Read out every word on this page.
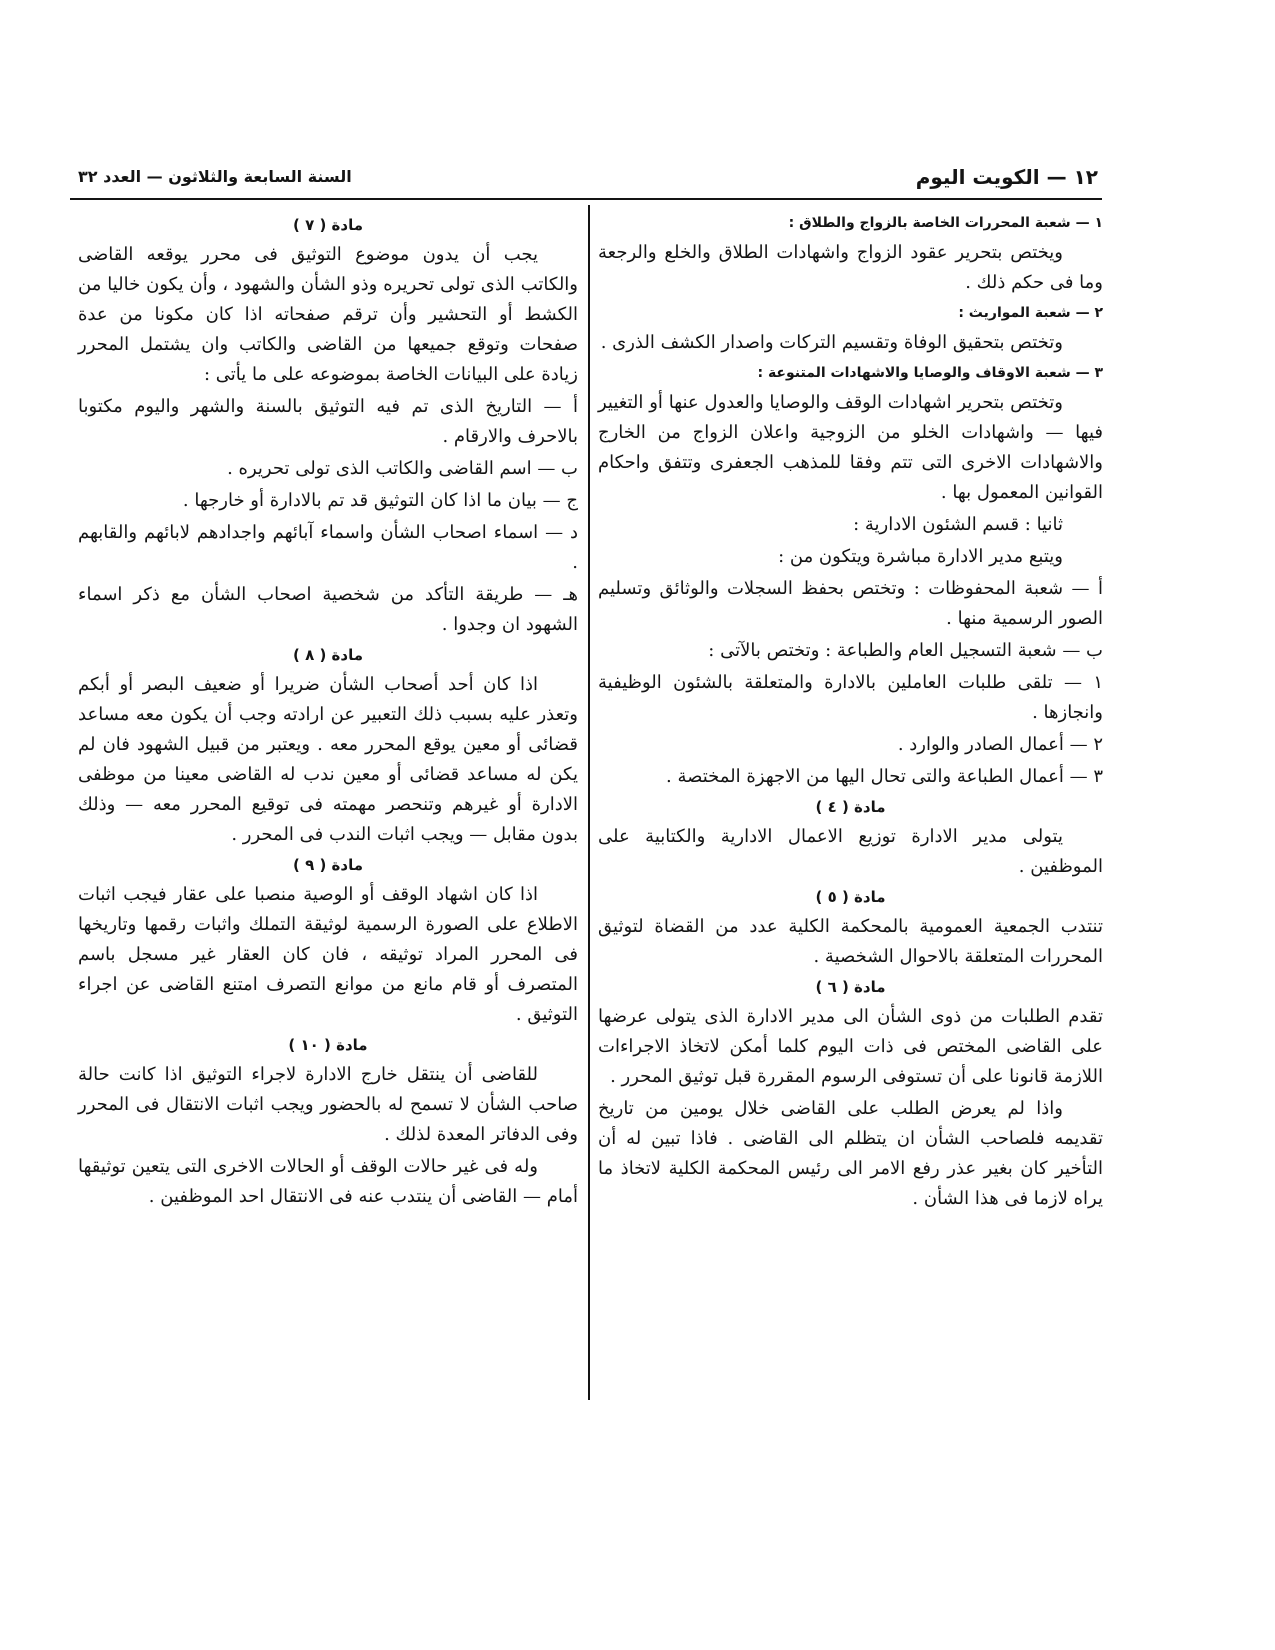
١٢ — الكويت اليوم
السنة السابعة والثلاثون — العدد ٣٢

١ — شعبة المحررات الخاصة بالزواج والطلاق :

ويختص بتحرير عقود الزواج واشهادات الطلاق والخلع والرجعة وما فى حكم ذلك .

٢ — شعبة المواريث :

وتختص بتحقيق الوفاة وتقسيم التركات واصدار الكشف الذرى .

٣ — شعبة الاوقاف والوصايا والاشهادات المتنوعة :

وتختص بتحرير اشهادات الوقف والوصايا والعدول عنها أو التغيير فيها — واشهادات الخلو من الزوجية واعلان الزواج من الخارج والاشهادات الاخرى التى تتم وفقا للمذهب الجعفرى وتتفق واحكام القوانين المعمول بها .

ثانيا : قسم الشئون الادارية :

ويتبع مدير الادارة مباشرة ويتكون من :

أ — شعبة المحفوظات : وتختص بحفظ السجلات والوثائق وتسليم الصور الرسمية منها .

ب — شعبة التسجيل العام والطباعة : وتختص بالآتى :

١ — تلقى طلبات العاملين بالادارة والمتعلقة بالشئون الوظيفية وانجازها .

٢ — أعمال الصادر والوارد .

٣ — أعمال الطباعة والتى تحال اليها من الاجهزة المختصة .

مادة ( ٤ )

يتولى مدير الادارة توزيع الاعمال الادارية والكتابية على الموظفين .

مادة ( ٥ )

تنتدب الجمعية العمومية بالمحكمة الكلية عدد من القضاة لتوثيق المحررات المتعلقة بالاحوال الشخصية .

مادة ( ٦ )

تقدم الطلبات من ذوى الشأن الى مدير الادارة الذى يتولى عرضها على القاضى المختص فى ذات اليوم كلما أمكن لاتخاذ الاجراءات اللازمة قانونا على أن تستوفى الرسوم المقررة قبل توثيق المحرر .

واذا لم يعرض الطلب على القاضى خلال يومين من تاريخ تقديمه فلصاحب الشأن ان يتظلم الى القاضى . فاذا تبين له أن التأخير كان بغير عذر رفع الامر الى رئيس المحكمة الكلية لاتخاذ ما يراه لازما فى هذا الشأن .

مادة ( ٧ )

يجب أن يدون موضوع التوثيق فى محرر يوقعه القاضى والكاتب الذى تولى تحريره وذو الشأن والشهود ، وأن يكون خاليا من الكشط أو التحشير وأن ترقم صفحاته اذا كان مكونا من عدة صفحات وتوقع جميعها من القاضى والكاتب وان يشتمل المحرر زيادة على البيانات الخاصة بموضوعه على ما يأتى :

أ — التاريخ الذى تم فيه التوثيق بالسنة والشهر واليوم مكتوبا بالاحرف والارقام .

ب — اسم القاضى والكاتب الذى تولى تحريره .

ج — بيان ما اذا كان التوثيق قد تم بالادارة أو خارجها .

د — اسماء اصحاب الشأن واسماء آبائهم واجدادهم لابائهم والقابهم .

هـ — طريقة التأكد من شخصية اصحاب الشأن مع ذكر اسماء الشهود ان وجدوا .

مادة ( ٨ )

اذا كان أحد أصحاب الشأن ضريرا أو ضعيف البصر أو أبكم وتعذر عليه بسبب ذلك التعبير عن ارادته وجب أن يكون معه مساعد قضائى أو معين يوقع المحرر معه . ويعتبر من قبيل الشهود فان لم يكن له مساعد قضائى أو معين ندب له القاضى معينا من موظفى الادارة أو غيرهم وتنحصر مهمته فى توقيع المحرر معه — وذلك بدون مقابل — ويجب اثبات الندب فى المحرر .

مادة ( ٩ )

اذا كان اشهاد الوقف أو الوصية منصبا على عقار فيجب اثبات الاطلاع على الصورة الرسمية لوثيقة التملك واثبات رقمها وتاريخها فى المحرر المراد توثيقه ، فان كان العقار غير مسجل باسم المتصرف أو قام مانع من موانع التصرف امتنع القاضى عن اجراء التوثيق .

مادة ( ١٠ )

للقاضى أن ينتقل خارج الادارة لاجراء التوثيق اذا كانت حالة صاحب الشأن لا تسمح له بالحضور ويجب اثبات الانتقال فى المحرر وفى الدفاتر المعدة لذلك .

وله فى غير حالات الوقف أو الحالات الاخرى التى يتعين توثيقها أمام — القاضى أن ينتدب عنه فى الانتقال احد الموظفين .
